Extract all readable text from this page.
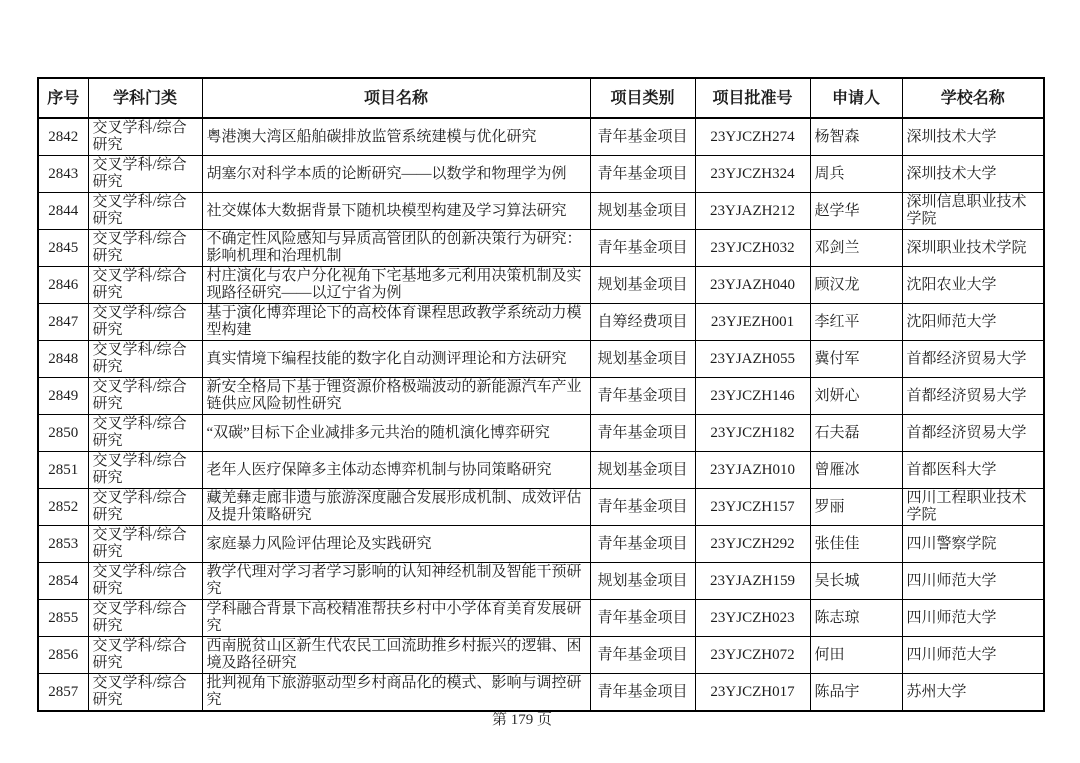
序号	学科门类	项目名称	项目类别	项目批准号	申请人	学校名称
2842	交叉学科/综合研究	粤港澳大湾区船舶碳排放监管系统建模与优化研究	青年基金项目	23YJCZH274	杨智森	深圳技术大学
2843	交叉学科/综合研究	胡塞尔对科学本质的论断研究——以数学和物理学为例	青年基金项目	23YJCZH324	周兵	深圳技术大学
2844	交叉学科/综合研究	社交媒体大数据背景下随机块模型构建及学习算法研究	规划基金项目	23YJAZH212	赵学华	深圳信息职业技术学院
2845	交叉学科/综合研究	不确定性风险感知与异质高管团队的创新决策行为研究：影响机理和治理机制	青年基金项目	23YJCZH032	邓剑兰	深圳职业技术学院
2846	交叉学科/综合研究	村庄演化与农户分化视角下宅基地多元利用决策机制及实现路径研究——以辽宁省为例	规划基金项目	23YJAZH040	顾汉龙	沈阳农业大学
2847	交叉学科/综合研究	基于演化博弈理论下的高校体育课程思政教学系统动力模型构建	自筹经费项目	23YJEZH001	李红平	沈阳师范大学
2848	交叉学科/综合研究	真实情境下编程技能的数字化自动测评理论和方法研究	规划基金项目	23YJAZH055	冀付军	首都经济贸易大学
2849	交叉学科/综合研究	新安全格局下基于锂资源价格极端波动的新能源汽车产业链供应风险韧性研究	青年基金项目	23YJCZH146	刘妍心	首都经济贸易大学
2850	交叉学科/综合研究	“双碳”目标下企业减排多元共治的随机演化博弈研究	青年基金项目	23YJCZH182	石夫磊	首都经济贸易大学
2851	交叉学科/综合研究	老年人医疗保障多主体动态博弈机制与协同策略研究	规划基金项目	23YJAZH010	曾雁冰	首都医科大学
2852	交叉学科/综合研究	藏羌彝走廊非遗与旅游深度融合发展形成机制、成效评估及提升策略研究	青年基金项目	23YJCZH157	罗丽	四川工程职业技术学院
2853	交叉学科/综合研究	家庭暴力风险评估理论及实践研究	青年基金项目	23YJCZH292	张佳佳	四川警察学院
2854	交叉学科/综合研究	教学代理对学习者学习影响的认知神经机制及智能干预研究	规划基金项目	23YJAZH159	吴长城	四川师范大学
2855	交叉学科/综合研究	学科融合背景下高校精准帮扶乡村中小学体育美育发展研究	青年基金项目	23YJCZH023	陈志琼	四川师范大学
2856	交叉学科/综合研究	西南脱贫山区新生代农民工回流助推乡村振兴的逻辑、困境及路径研究	青年基金项目	23YJCZH072	何田	四川师范大学
2857	交叉学科/综合研究	批判视角下旅游驱动型乡村商品化的模式、影响与调控研究	青年基金项目	23YJCZH017	陈品宇	苏州大学
第 179 页
